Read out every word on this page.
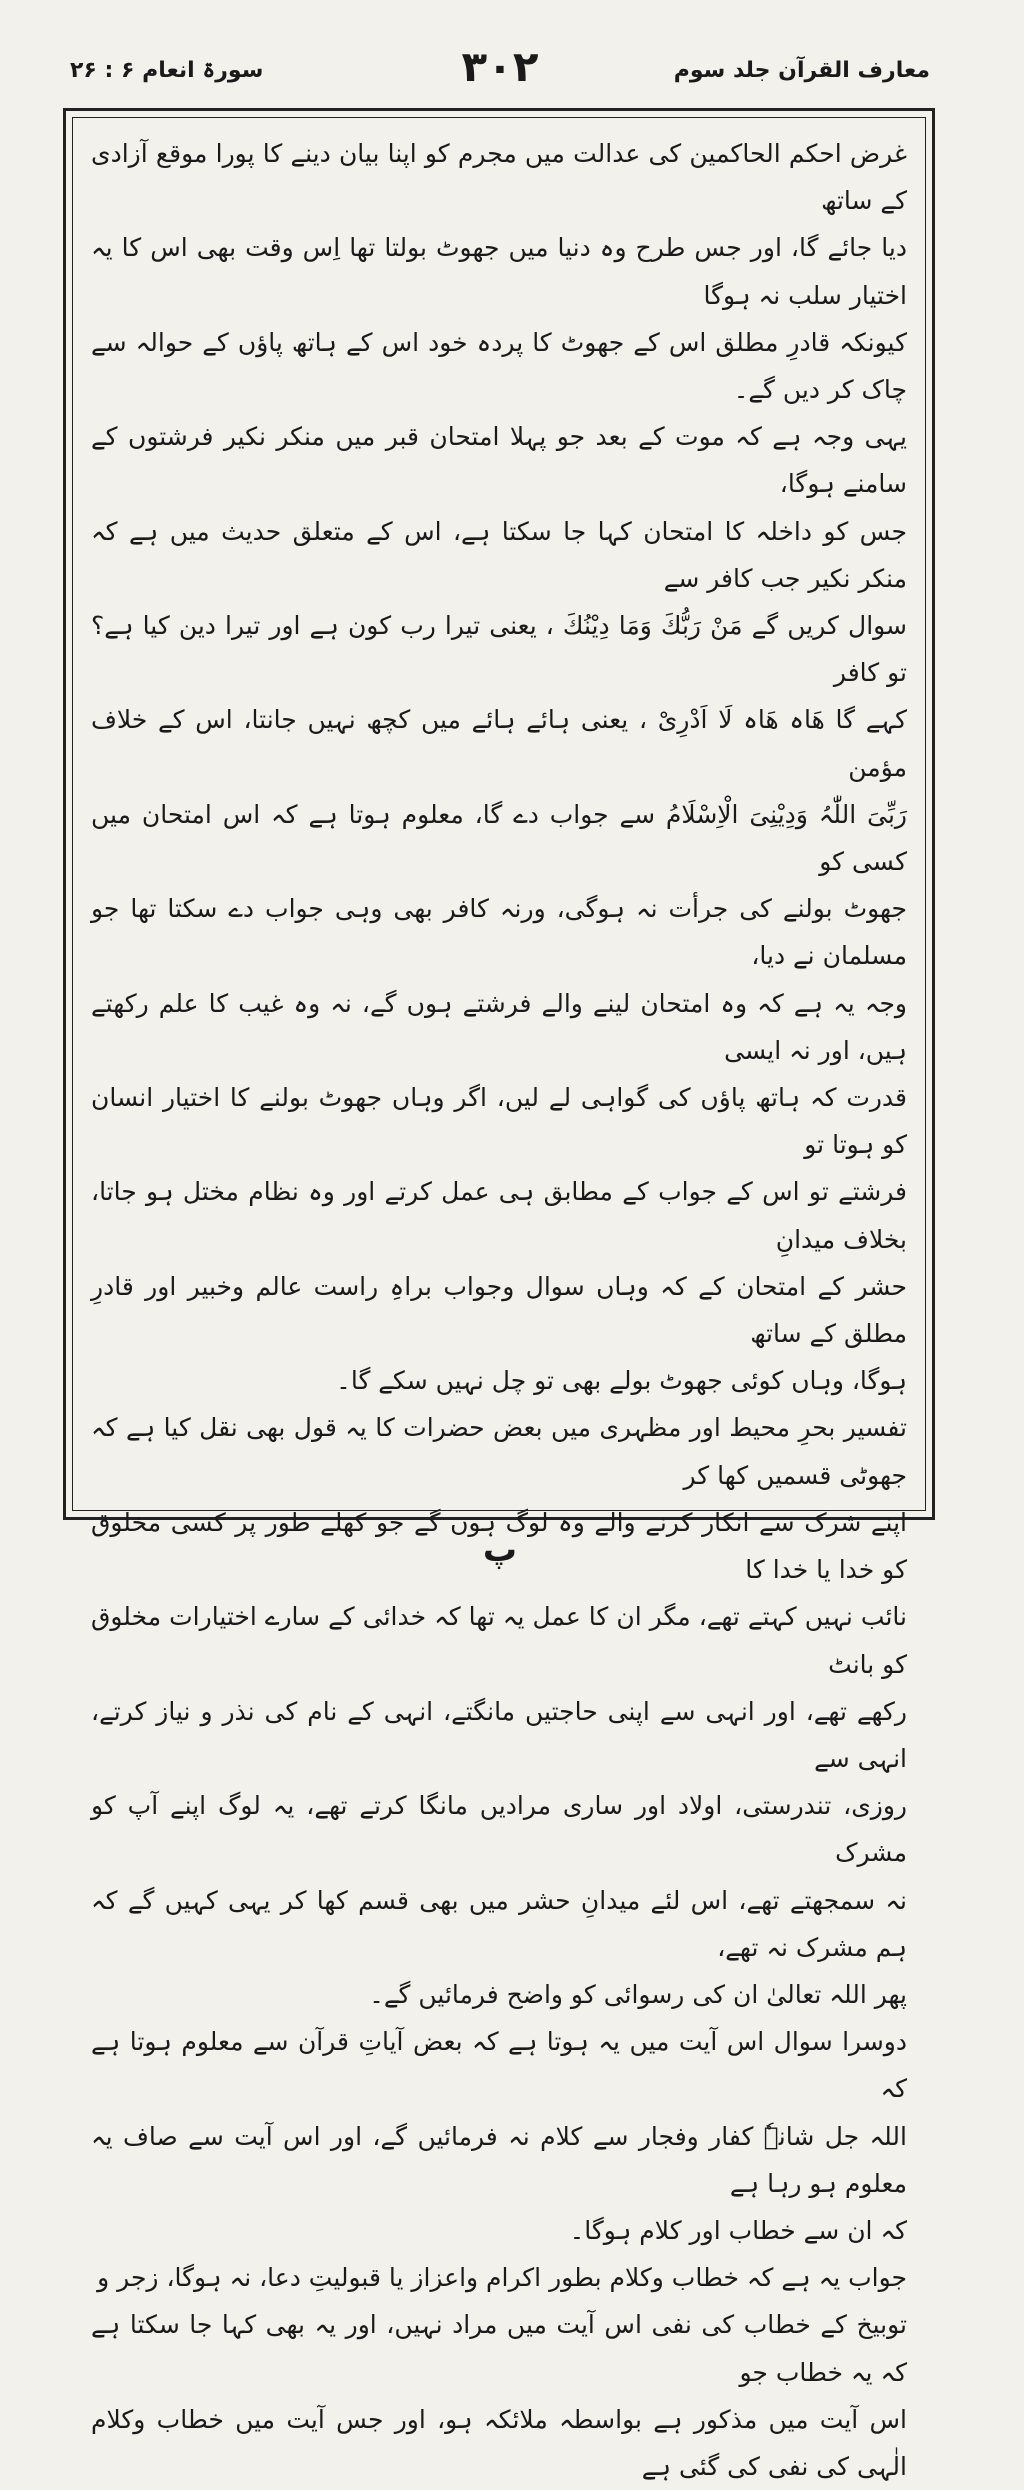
معارف القرآن جلد سوم
۳۰۲
سورۃ انعام ۶ : ۲۶

غرض احکم الحاکمین کی عدالت میں مجرم کو اپنا بیان دینے کا پورا موقع آزادی کے ساتھ

دیا جائے گا، اور جس طرح وہ دنیا میں جھوٹ بولتا تھا اِس وقت بھی اس کا یہ اختیار سلب نہ ہوگا

کیونکہ قادرِ مطلق اس کے جھوٹ کا پردہ خود اس کے ہاتھ پاؤں کے حوالہ سے چاک کر دیں گے۔

یہی وجہ ہے کہ موت کے بعد جو پہلا امتحان قبر میں منکر نکیر فرشتوں کے سامنے ہوگا،

جس کو داخلہ کا امتحان کہا جا سکتا ہے، اس کے متعلق حدیث میں ہے کہ منکر نکیر جب کافر سے

سوال کریں گے مَنْ رَبُّكَ وَمَا دِيْنُكَ ، یعنی تیرا رب کون ہے اور تیرا دین کیا ہے؟ تو کافر

کہے گا ھَاہ ھَاہ لَا اَدْرِیْ ، یعنی ہائے ہائے میں کچھ نہیں جانتا، اس کے خلاف مؤمن

رَبِّیَ اللّٰہُ وَدِیْنِیَ الْاِسْلَامُ سے جواب دے گا، معلوم ہوتا ہے کہ اس امتحان میں کسی کو

جھوٹ بولنے کی جرأت نہ ہوگی، ورنہ کافر بھی وہی جواب دے سکتا تھا جو مسلمان نے دیا،

وجہ یہ ہے کہ وہ امتحان لینے والے فرشتے ہوں گے، نہ وہ غیب کا علم رکھتے ہیں، اور نہ ایسی

قدرت کہ ہاتھ پاؤں کی گواہی لے لیں، اگر وہاں جھوٹ بولنے کا اختیار انسان کو ہوتا تو

فرشتے تو اس کے جواب کے مطابق ہی عمل کرتے اور وہ نظام مختل ہو جاتا، بخلاف میدانِ

حشر کے امتحان کے کہ وہاں سوال وجواب براہِ راست عالم وخبیر اور قادرِ مطلق کے ساتھ

ہوگا، وہاں کوئی جھوٹ بولے بھی تو چل نہیں سکے گا۔

تفسیر بحرِ محیط اور مظہری میں بعض حضرات کا یہ قول بھی نقل کیا ہے کہ جھوٹی قسمیں کھا کر

اپنے شرک سے انکار کرنے والے وہ لوگ ہوں گے جو کھلے طور پر کسی مخلوق کو خدا یا خدا کا

نائب نہیں کہتے تھے، مگر ان کا عمل یہ تھا کہ خدائی کے سارے اختیارات مخلوق کو بانٹ

رکھے تھے، اور انہی سے اپنی حاجتیں مانگتے، انہی کے نام کی نذر و نیاز کرتے، انہی سے

روزی، تندرستی، اولاد اور ساری مرادیں مانگا کرتے تھے، یہ لوگ اپنے آپ کو مشرک

نہ سمجھتے تھے، اس لئے میدانِ حشر میں بھی قسم کھا کر یہی کہیں گے کہ ہم مشرک نہ تھے،

پھر اللہ تعالیٰ ان کی رسوائی کو واضح فرمائیں گے۔

دوسرا سوال اس آیت میں یہ ہوتا ہے کہ بعض آیاتِ قرآن سے معلوم ہوتا ہے کہ

اللہ جل شانہٗ کفار وفجار سے کلام نہ فرمائیں گے، اور اس آیت سے صاف یہ معلوم ہو رہا ہے

کہ ان سے خطاب اور کلام ہوگا۔

جواب یہ ہے کہ خطاب وکلام بطور اکرام واعزاز یا قبولیتِ دعا، نہ ہوگا، زجر و

توبیخ کے خطاب کی نفی اس آیت میں مراد نہیں، اور یہ بھی کہا جا سکتا ہے کہ یہ خطاب جو

اس آیت میں مذکور ہے بواسطہ ملائکہ ہو، اور جس آیت میں خطاب وکلام الٰہی کی نفی کی گئی ہے

پ
